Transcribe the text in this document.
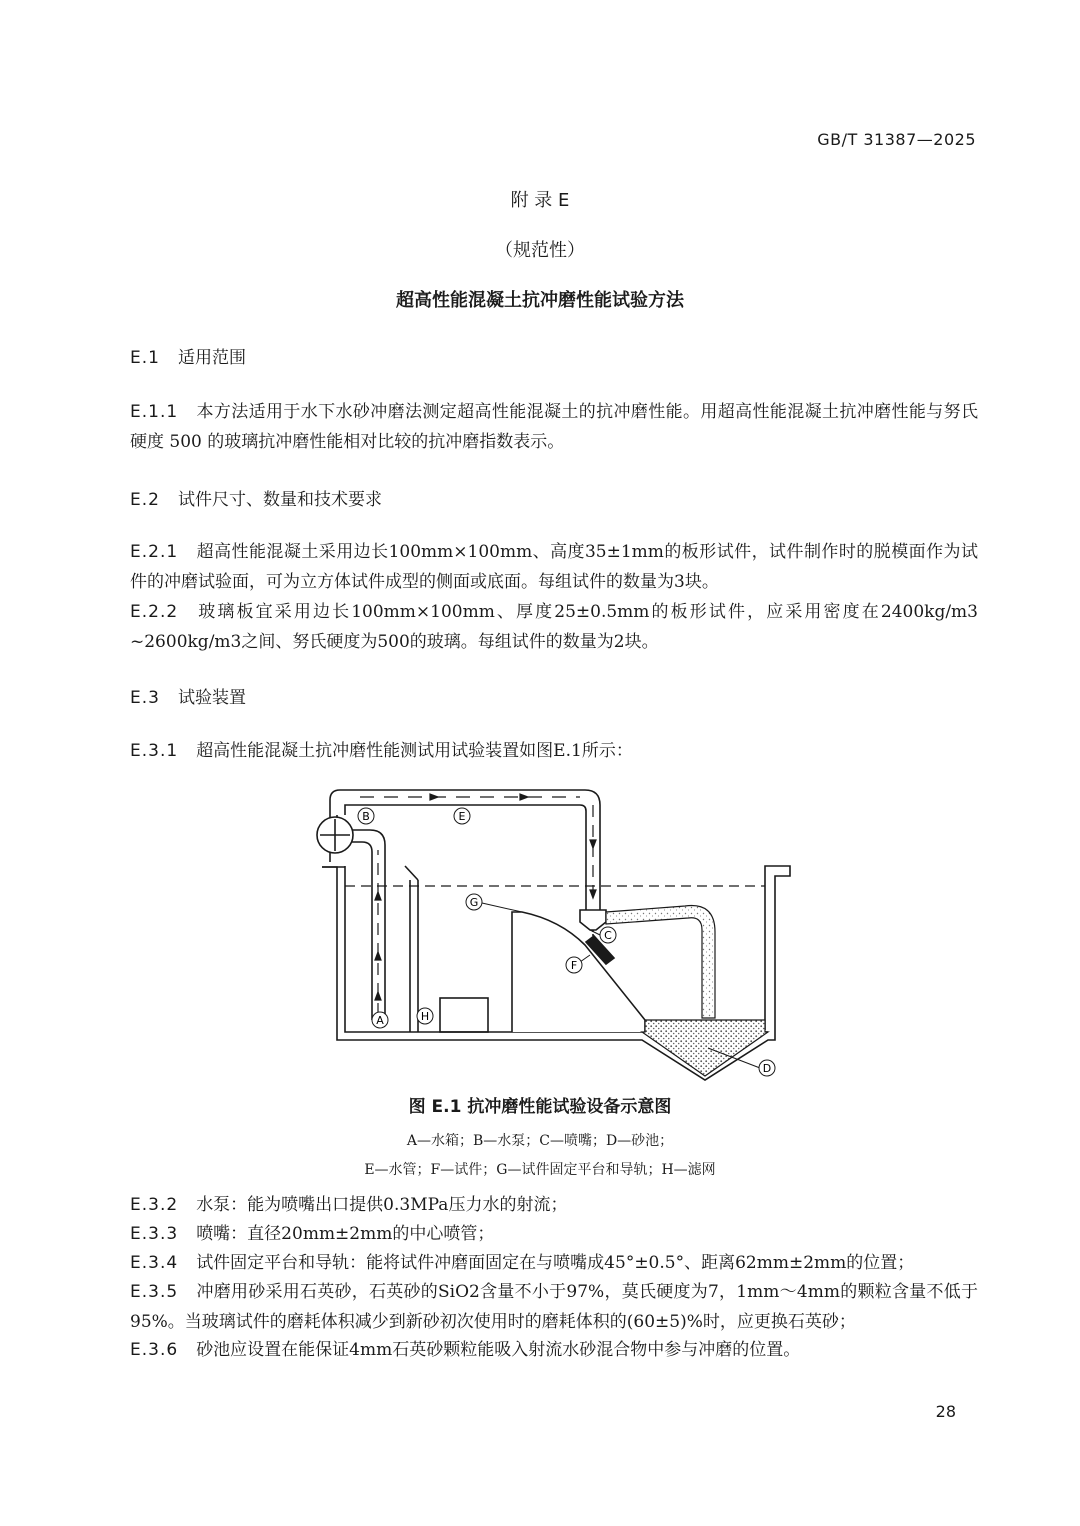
GB/T 31387—2025
附 录 E
（规范性）
超高性能混凝土抗冲磨性能试验方法
E.1 适用范围
E.1.1 本方法适用于水下水砂冲磨法测定超高性能混凝土的抗冲磨性能。用超高性能混凝土抗冲磨性能与努氏硬度 500 的玻璃抗冲磨性能相对比较的抗冲磨指数表示。
E.2 试件尺寸、数量和技术要求
E.2.1 超高性能混凝土采用边长100mm×100mm、高度35±1mm的板形试件，试件制作时的脱模面作为试件的冲磨试验面，可为立方体试件成型的侧面或底面。每组试件的数量为3块。
E.2.2 玻璃板宜采用边长100mm×100mm、厚度25±0.5mm的板形试件，应采用密度在2400kg/m3 ~2600kg/m3之间、努氏硬度为500的玻璃。每组试件的数量为2块。
E.3 试验装置
E.3.1 超高性能混凝土抗冲磨性能测试用试验装置如图E.1所示：
B	E
G
C
F
A	H
D
图 E.1 抗冲磨性能试验设备示意图
A—水箱；B—水泵；C—喷嘴；D—砂池；
E—水管；F—试件；G—试件固定平台和导轨；H—滤网
E.3.2 水泵：能为喷嘴出口提供0.3MPa压力水的射流；
E.3.3 喷嘴：直径20mm±2mm的中心喷管；
E.3.4 试件固定平台和导轨：能将试件冲磨面固定在与喷嘴成45°±0.5°、距离62mm±2mm的位置；
E.3.5 冲磨用砂采用石英砂，石英砂的SiO2含量不小于97%，莫氏硬度为7，1mm～4mm的颗粒含量不低于95%。当玻璃试件的磨耗体积减少到新砂初次使用时的磨耗体积的(60±5)%时，应更换石英砂；
E.3.6 砂池应设置在能保证4mm石英砂颗粒能吸入射流水砂混合物中参与冲磨的位置。
28
